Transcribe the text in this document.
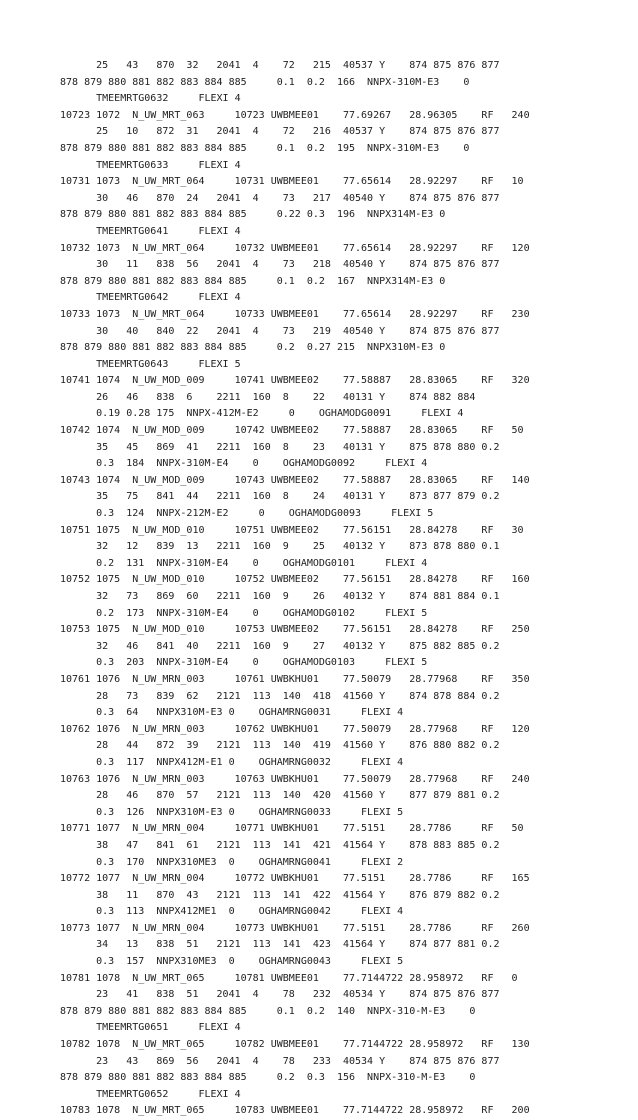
25   43   870  32   2041  4    72   215  40537 Y    874 875 876 877
878 879 880 881 882 883 884 885     0.1  0.2  166  NNPX-310M-E3    0
TMEEMRTG0632     FLEXI 4
10723 1072  N_UW_MRT_063     10723 UWBMEE01    77.69267   28.96305    RF   240
25   10   872  31   2041  4    72   216  40537 Y    874 875 876 877
878 879 880 881 882 883 884 885     0.1  0.2  195  NNPX-310M-E3    0
TMEEMRTG0633     FLEXI 4
10731 1073  N_UW_MRT_064     10731 UWBMEE01    77.65614   28.92297    RF   10
30   46   870  24   2041  4    73   217  40540 Y    874 875 876 877
878 879 880 881 882 883 884 885     0.22 0.3  196  NNPX314M-E3 0
TMEEMRTG0641     FLEXI 4
10732 1073  N_UW_MRT_064     10732 UWBMEE01    77.65614   28.92297    RF   120
30   11   838  56   2041  4    73   218  40540 Y    874 875 876 877
878 879 880 881 882 883 884 885     0.1  0.2  167  NNPX314M-E3 0
TMEEMRTG0642     FLEXI 4
10733 1073  N_UW_MRT_064     10733 UWBMEE01    77.65614   28.92297    RF   230
30   40   840  22   2041  4    73   219  40540 Y    874 875 876 877
878 879 880 881 882 883 884 885     0.2  0.27 215  NNPX310M-E3 0
TMEEMRTG0643     FLEXI 5
10741 1074  N_UW_MOD_009     10741 UWBMEE02    77.58887   28.83065    RF   320
26   46   838  6    2211  160  8    22   40131 Y    874 882 884
0.19 0.28 175  NNPX-412M-E2     0    OGHAMODG0091     FLEXI 4
10742 1074  N_UW_MOD_009     10742 UWBMEE02    77.58887   28.83065    RF   50
35   45   869  41   2211  160  8    23   40131 Y    875 878 880 0.2
0.3  184  NNPX-310M-E4    0    OGHAMODG0092     FLEXI 4
10743 1074  N_UW_MOD_009     10743 UWBMEE02    77.58887   28.83065    RF   140
35   75   841  44   2211  160  8    24   40131 Y    873 877 879 0.2
0.3  124  NNPX-212M-E2     0    OGHAMODG0093     FLEXI 5
10751 1075  N_UW_MOD_010     10751 UWBMEE02    77.56151   28.84278    RF   30
32   12   839  13   2211  160  9    25   40132 Y    873 878 880 0.1
0.2  131  NNPX-310M-E4    0    OGHAMODG0101     FLEXI 4
10752 1075  N_UW_MOD_010     10752 UWBMEE02    77.56151   28.84278    RF   160
32   73   869  60   2211  160  9    26   40132 Y    874 881 884 0.1
0.2  173  NNPX-310M-E4    0    OGHAMODG0102     FLEXI 5
10753 1075  N_UW_MOD_010     10753 UWBMEE02    77.56151   28.84278    RF   250
32   46   841  40   2211  160  9    27   40132 Y    875 882 885 0.2
0.3  203  NNPX-310M-E4    0    OGHAMODG0103     FLEXI 5
10761 1076  N_UW_MRN_003     10761 UWBKHU01    77.50079   28.77968    RF   350
28   73   839  62   2121  113  140  418  41560 Y    874 878 884 0.2
0.3  64   NNPX310M-E3 0    OGHAMRNG0031     FLEXI 4
10762 1076  N_UW_MRN_003     10762 UWBKHU01    77.50079   28.77968    RF   120
28   44   872  39   2121  113  140  419  41560 Y    876 880 882 0.2
0.3  117  NNPX412M-E1 0    OGHAMRNG0032     FLEXI 4
10763 1076  N_UW_MRN_003     10763 UWBKHU01    77.50079   28.77968    RF   240
28   46   870  57   2121  113  140  420  41560 Y    877 879 881 0.2
0.3  126  NNPX310M-E3 0    OGHAMRNG0033     FLEXI 5
10771 1077  N_UW_MRN_004     10771 UWBKHU01    77.5151    28.7786     RF   50
38   47   841  61   2121  113  141  421  41564 Y    878 883 885 0.2
0.3  170  NNPX310ME3  0    OGHAMRNG0041     FLEXI 2
10772 1077  N_UW_MRN_004     10772 UWBKHU01    77.5151    28.7786     RF   165
38   11   870  43   2121  113  141  422  41564 Y    876 879 882 0.2
0.3  113  NNPX412ME1  0    OGHAMRNG0042     FLEXI 4
10773 1077  N_UW_MRN_004     10773 UWBKHU01    77.5151    28.7786     RF   260
34   13   838  51   2121  113  141  423  41564 Y    874 877 881 0.2
0.3  157  NNPX310ME3  0    OGHAMRNG0043     FLEXI 5
10781 1078  N_UW_MRT_065     10781 UWBMEE01    77.7144722 28.958972   RF   0
23   41   838  51   2041  4    78   232  40534 Y    874 875 876 877
878 879 880 881 882 883 884 885     0.1  0.2  140  NNPX-310-M-E3    0
TMEEMRTG0651     FLEXI 4
10782 1078  N_UW_MRT_065     10782 UWBMEE01    77.7144722 28.958972   RF   130
23   43   869  56   2041  4    78   233  40534 Y    874 875 876 877
878 879 880 881 882 883 884 885     0.2  0.3  156  NNPX-310-M-E3    0
TMEEMRTG0652     FLEXI 4
10783 1078  N_UW_MRT_065     10783 UWBMEE01    77.7144722 28.958972   RF   200
